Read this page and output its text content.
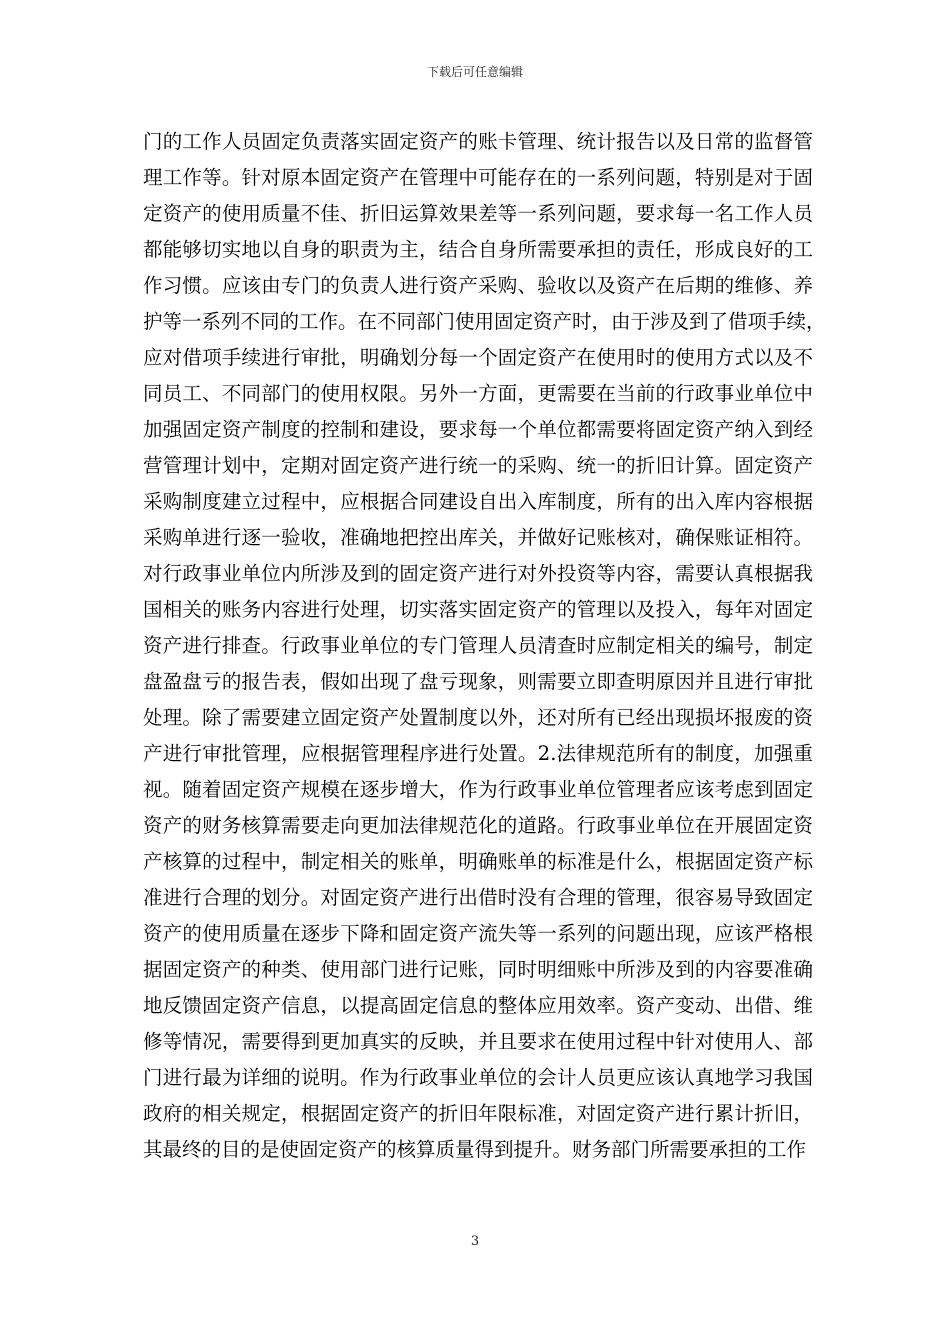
下载后可任意编辑
门的工作人员固定负责落实固定资产的账卡管理、统计报告以及日常的监督管
理工作等。针对原本固定资产在管理中可能存在的一系列问题，特别是对于固
定资产的使用质量不佳、折旧运算效果差等一系列问题，要求每一名工作人员
都能够切实地以自身的职责为主，结合自身所需要承担的责任，形成良好的工
作习惯。应该由专门的负责人进行资产采购、验收以及资产在后期的维修、养
护等一系列不同的工作。在不同部门使用固定资产时，由于涉及到了借项手续，
应对借项手续进行审批，明确划分每一个固定资产在使用时的使用方式以及不
同员工、不同部门的使用权限。另外一方面，更需要在当前的行政事业单位中
加强固定资产制度的控制和建设，要求每一个单位都需要将固定资产纳入到经
营管理计划中，定期对固定资产进行统一的采购、统一的折旧计算。固定资产
采购制度建立过程中，应根据合同建设自出入库制度，所有的出入库内容根据
采购单进行逐一验收，准确地把控出库关，并做好记账核对，确保账证相符。
对行政事业单位内所涉及到的固定资产进行对外投资等内容，需要认真根据我
国相关的账务内容进行处理，切实落实固定资产的管理以及投入，每年对固定
资产进行排查。行政事业单位的专门管理人员清查时应制定相关的编号，制定
盘盈盘亏的报告表，假如出现了盘亏现象，则需要立即查明原因并且进行审批
处理。除了需要建立固定资产处置制度以外，还对所有已经出现损坏报废的资
产进行审批管理，应根据管理程序进行处置。2.法律规范所有的制度，加强重
视。随着固定资产规模在逐步增大，作为行政事业单位管理者应该考虑到固定
资产的财务核算需要走向更加法律规范化的道路。行政事业单位在开展固定资
产核算的过程中，制定相关的账单，明确账单的标准是什么，根据固定资产标
准进行合理的划分。对固定资产进行出借时没有合理的管理，很容易导致固定
资产的使用质量在逐步下降和固定资产流失等一系列的问题出现，应该严格根
据固定资产的种类、使用部门进行记账，同时明细账中所涉及到的内容要准确
地反馈固定资产信息，以提高固定信息的整体应用效率。资产变动、出借、维
修等情况，需要得到更加真实的反映，并且要求在使用过程中针对使用人、部
门进行最为详细的说明。作为行政事业单位的会计人员更应该认真地学习我国
政府的相关规定，根据固定资产的折旧年限标准，对固定资产进行累计折旧，
其最终的目的是使固定资产的核算质量得到提升。财务部门所需要承担的工作
3
